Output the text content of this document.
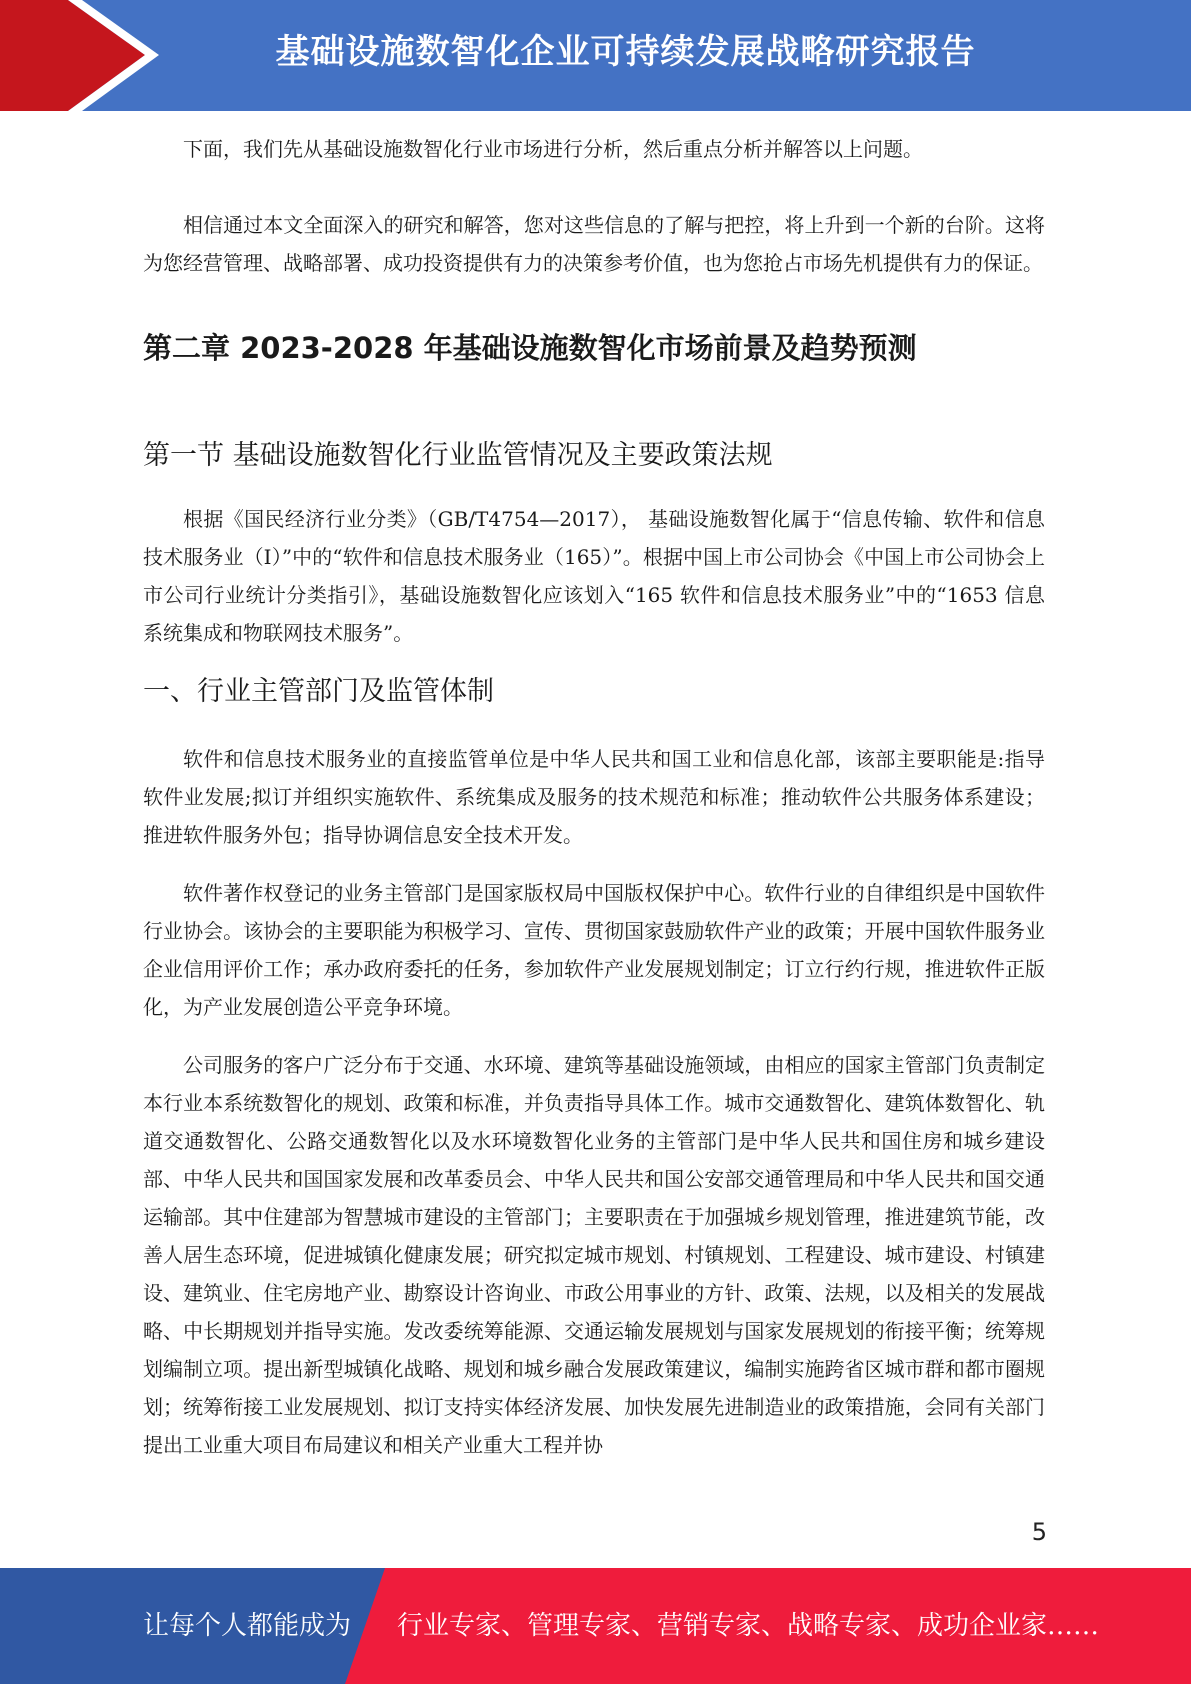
基础设施数智化企业可持续发展战略研究报告

下面，我们先从基础设施数智化行业市场进行分析，然后重点分析并解答以上问题。

相信通过本文全面深入的研究和解答，您对这些信息的了解与把控，将上升到一个新的台阶。这将为您经营管理、战略部署、成功投资提供有力的决策参考价值，也为您抢占市场先机提供有力的保证。

第二章 2023-2028 年基础设施数智化市场前景及趋势预测
第一节 基础设施数智化行业监管情况及主要政策法规

根据《国民经济行业分类》（GB/T4754—2017）， 基础设施数智化属于“信息传输、软件和信息技术服务业（I）”中的“软件和信息技术服务业（165）”。根据中国上市公司协会《中国上市公司协会上市公司行业统计分类指引》，基础设施数智化应该划入“165 软件和信息技术服务业”中的“1653 信息系统集成和物联网技术服务”。

一、行业主管部门及监管体制

软件和信息技术服务业的直接监管单位是中华人民共和国工业和信息化部，该部主要职能是:指导软件业发展;拟订并组织实施软件、系统集成及服务的技术规范和标准；推动软件公共服务体系建设；推进软件服务外包；指导协调信息安全技术开发。

软件著作权登记的业务主管部门是国家版权局中国版权保护中心。软件行业的自律组织是中国软件行业协会。该协会的主要职能为积极学习、宣传、贯彻国家鼓励软件产业的政策；开展中国软件服务业企业信用评价工作；承办政府委托的任务，参加软件产业发展规划制定；订立行约行规，推进软件正版化，为产业发展创造公平竞争环境。

公司服务的客户广泛分布于交通、水环境、建筑等基础设施领域，由相应的国家主管部门负责制定本行业本系统数智化的规划、政策和标准，并负责指导具体工作。城市交通数智化、建筑体数智化、轨道交通数智化、公路交通数智化以及水环境数智化业务的主管部门是中华人民共和国住房和城乡建设部、中华人民共和国国家发展和改革委员会、中华人民共和国公安部交通管理局和中华人民共和国交通运输部。其中住建部为智慧城市建设的主管部门；主要职责在于加强城乡规划管理，推进建筑节能，改善人居生态环境，促进城镇化健康发展；研究拟定城市规划、村镇规划、工程建设、城市建设、村镇建设、建筑业、住宅房地产业、勘察设计咨询业、市政公用事业的方针、政策、法规，以及相关的发展战略、中长期规划并指导实施。发改委统筹能源、交通运输发展规划与国家发展规划的衔接平衡；统筹规划编制立项。提出新型城镇化战略、规划和城乡融合发展政策建议，编制实施跨省区城市群和都市圈规划；统筹衔接工业发展规划、拟订支持实体经济发展、加快发展先进制造业的政策措施，会同有关部门提出工业重大项目布局建议和相关产业重大工程并协

5
让每个人都能成为 行业专家、管理专家、营销专家、战略专家、成功企业家……
